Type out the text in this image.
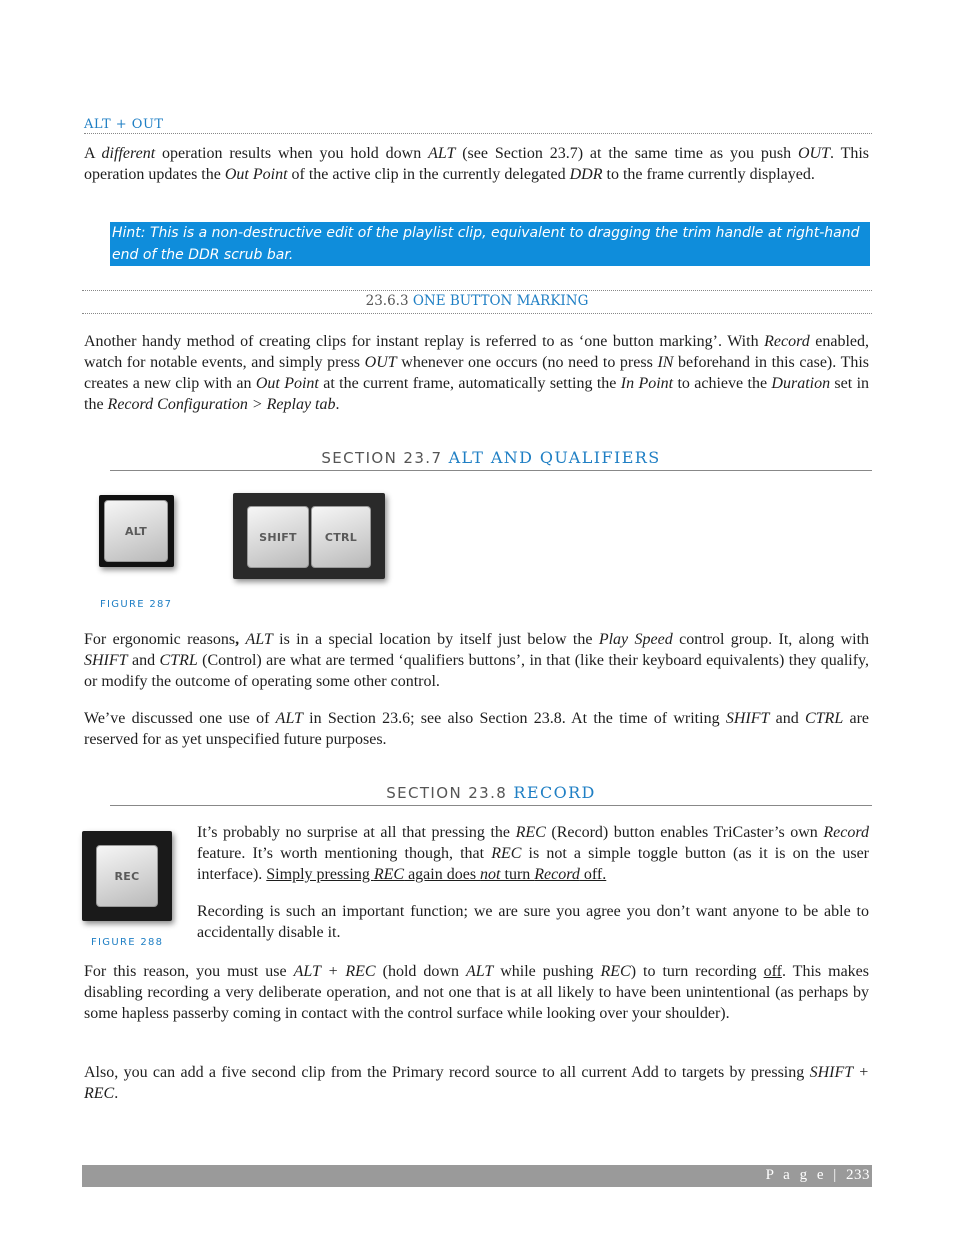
ALT + OUT
A different operation results when you hold down ALT (see Section 23.7) at the same time as you push OUT. This operation updates the Out Point of the active clip in the currently delegated DDR to the frame currently displayed.
Hint: This is a non-destructive edit of the playlist clip, equivalent to dragging the trim handle at right-hand end of the DDR scrub bar.
23.6.3 ONE BUTTON MARKING
Another handy method of creating clips for instant replay is referred to as ‘one button marking’. With Record enabled, watch for notable events, and simply press OUT whenever one occurs (no need to press IN beforehand in this case). This creates a new clip with an Out Point at the current frame, automatically setting the In Point to achieve the Duration set in the Record Configuration > Replay tab.
SECTION 23.7 ALT AND QUALIFIERS
ALT	SHIFT	CTRL
FIGURE 287
For ergonomic reasons, ALT is in a special location by itself just below the Play Speed control group. It, along with SHIFT and CTRL (Control) are what are termed ‘qualifiers buttons’, in that (like their keyboard equivalents) they qualify, or modify the outcome of operating some other control.
We’ve discussed one use of ALT in Section 23.6; see also Section 23.8. At the time of writing SHIFT and CTRL are reserved for as yet unspecified future purposes.
SECTION 23.8 RECORD
REC
FIGURE 288
It’s probably no surprise at all that pressing the REC (Record) button enables TriCaster’s own Record feature. It’s worth mentioning though, that REC is not a simple toggle button (as it is on the user interface). Simply pressing REC again does not turn Record off.
Recording is such an important function; we are sure you agree you don’t want anyone to be able to accidentally disable it.
For this reason, you must use ALT + REC (hold down ALT while pushing REC) to turn recording off. This makes disabling recording a very deliberate operation, and not one that is at all likely to have been unintentional (as perhaps by some hapless passerby coming in contact with the control surface while looking over your shoulder).
Also, you can add a five second clip from the Primary record source to all current Add to targets by pressing SHIFT + REC.
P a g e | 233
